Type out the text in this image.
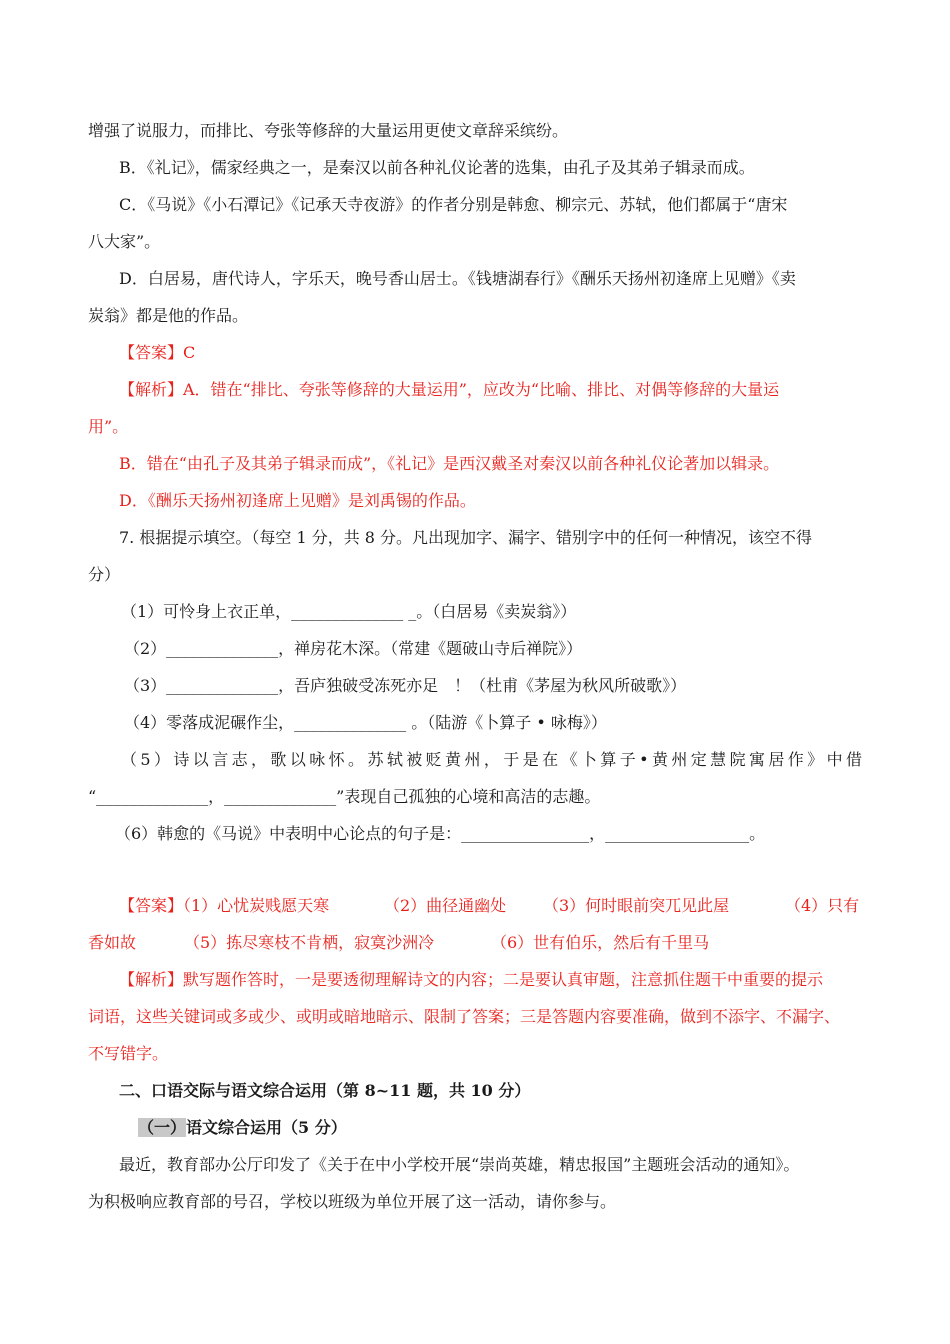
增强了说服力，而排比、夸张等修辞的大量运用更使文章辞采缤纷。
B．《礼记》，儒家经典之一，是秦汉以前各种礼仪论著的选集，由孔子及其弟子辑录而成。
C．《马说》《小石潭记》《记承天寺夜游》的作者分别是韩愈、柳宗元、苏轼，他们都属于“唐宋
八大家”。
D．白居易，唐代诗人，字乐天，晚号香山居士。《钱塘湖春行》《酬乐天扬州初逢席上见赠》《卖
炭翁》都是他的作品。
【答案】C
【解析】A．错在“排比、夸张等修辞的大量运用”，应改为“比喻、排比、对偶等修辞的大量运
用”。
B．错在“由孔子及其弟子辑录而成”，《礼记》是西汉戴圣对秦汉以前各种礼仪论著加以辑录。
D．《酬乐天扬州初逢席上见赠》是刘禹锡的作品。
7. 根据提示填空。（每空 1 分，共 8 分。凡出现加字、漏字、错别字中的任何一种情况，该空不得
分）
（1）可怜身上衣正单，______________ _。（白居易《卖炭翁》）
（2）______________，禅房花木深。（常建《题破山寺后禅院》）
（3）______________，吾庐独破受冻死亦足　！（杜甫《茅屋为秋风所破歌》）
（4）零落成泥碾作尘，______________ 。（陆游《卜算子 • 咏梅》）
（5）诗以言志，歌以咏怀。苏轼被贬黄州，于是在《卜算子•黄州定慧院寓居作》中借
“______________，______________”表现自己孤独的心境和高洁的志趣。
（6）韩愈的《马说》中表明中心论点的句子是：________________，__________________。
【答案】（1）心忧炭贱愿天寒	（2）曲径通幽处 （3）何时眼前突兀见此屋	（4）只有
香如故	（5）拣尽寒枝不肯栖，寂寞沙洲冷	（6）世有伯乐，然后有千里马
【解析】默写题作答时，一是要透彻理解诗文的内容；二是要认真审题，注意抓住题干中重要的提示
词语，这些关键词或多或少、或明或暗地暗示、限制了答案；三是答题内容要准确，做到不添字、不漏字、
不写错字。
二、口语交际与语文综合运用（第 8~11 题，共 10 分）
（一）语文综合运用（5 分）
最近，教育部办公厅印发了《关于在中小学校开展“崇尚英雄，精忠报国”主题班会活动的通知》。
为积极响应教育部的号召，学校以班级为单位开展了这一活动，请你参与。
